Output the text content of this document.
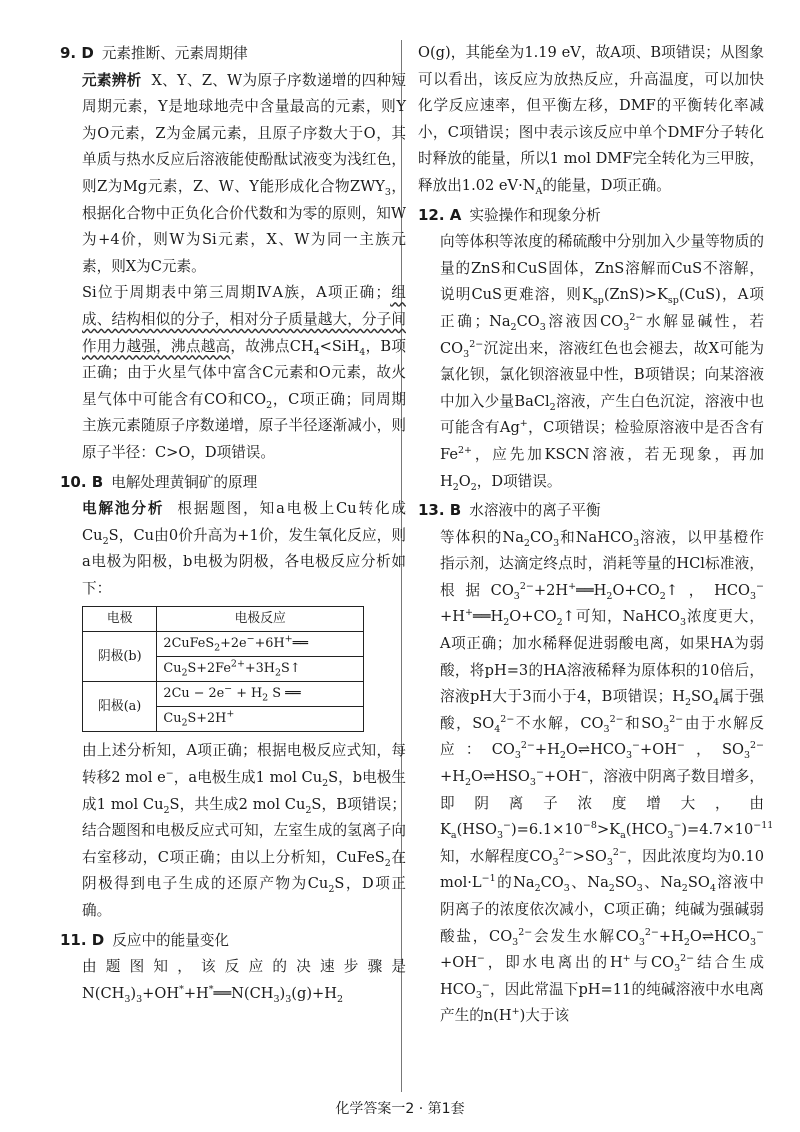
9. D 元素推断、元素周期律

元素辨析 X、Y、Z、W为原子序数递增的四种短周期元素，Y是地球地壳中含量最高的元素，则Y为O元素，Z为金属元素，且原子序数大于O，其单质与热水反应后溶液能使酚酞试液变为浅红色，则Z为Mg元素，Z、W、Y能形成化合物$ZWY_3$，根据化合物中正负化合价代数和为零的原则，知W为+4价，则W为Si元素，X、W为同一主族元素，则X为C元素。

Si位于周期表中第三周期ⅣA族，A项正确；组成、结构相似的分子，相对分子质量越大，分子间作用力越强，沸点越高，故沸点$CH_4<SiH_4$，B项正确；由于火星气体中富含C元素和O元素，故火星气体中可能含有CO和$CO_2$，C项正确；同周期主族元素随原子序数递增，原子半径逐渐减小，则原子半径：C>O，D项错误。

10. B 电解处理黄铜矿的原理

电解池分析 根据题图，知a电极上Cu转化成$Cu_2S$，Cu由0价升高为+1价，发生氧化反应，则a电极为阳极，b电极为阴极，各电极反应分析如下：

电极	电极反应
阴极(b)	2CuFeS$_2$+2e−+6H+══
	$Cu_2S+2Fe^{2+}+3H_2S↑$
阳极(a)	$2Cu - 2e^- + H_2$ S ══
	$Cu_2S+2H^+$

由上述分析知，A项正确；根据电极反应式知，每转移2 mol e−，a电极生成1 mol $Cu_2S$，b电极生成1 mol $Cu_2S$，共生成2 mol $Cu_2S$，B项错误；结合题图和电极反应式可知，左室生成的氢离子向右室移动，C项正确；由以上分析知，CuFeS$_2$在阴极得到电子生成的还原产物为$Cu_2S$，D项正确。

11. D 反应中的能量变化

由题图知，该反应的决速步骤是$N(CH_3)_3+OH^*+H^*══N(CH_3)_3(g)+H_2$

O(g)，其能垒为1.19 eV，故A项、B项错误；从图象可以看出，该反应为放热反应，升高温度，可以加快化学反应速率，但平衡左移，DMF的平衡转化率减小，C项错误；图中表示该反应中单个DMF分子转化时释放的能量，所以1 mol DMF完全转化为三甲胺，释放出1.02 $eV\cdot N_A$的能量，D项正确。

12. A 实验操作和现象分析

向等体积等浓度的稀硫酸中分别加入少量等物质的量的ZnS和CuS固体，ZnS溶解而CuS不溶解，说明CuS更难溶，则$K_{sp}(ZnS)>K_{sp}(CuS)$，A项正确；$Na_2CO_3$溶液因$CO_3^{2-}$水解显碱性，若$CO_3^{2-}$沉淀出来，溶液红色也会褪去，故X可能为氯化钡，氯化钡溶液显中性，B项错误；向某溶液中加入少量BaCl$_2$溶液，产生白色沉淀，溶液中也可能含有Ag+，C项错误；检验原溶液中是否含有$Fe^{2+}$，应先加KSCN溶液，若无现象，再加$H_2O_2$，D项错误。

13. B 水溶液中的离子平衡

等体积的$Na_2CO_3$和NaHCO$_3$溶液，以甲基橙作指示剂，达滴定终点时，消耗等量的HCl标准液，根据$CO_3^{2-}+2H^+══H_2O+CO_2↑$，$HCO_3^-+H^+══H_2O+CO_2↑$可知，NaHCO$_3$浓度更大，A项正确；加水稀释促进弱酸电离，如果HA为弱酸，将pH=3的HA溶液稀释为原体积的10倍后，溶液pH大于3而小于4，B项错误；$H_2SO_4$属于强酸，$SO_4^{2-}$不水解，$CO_3^{2-}$和$SO_3^{2-}$由于水解反应：$CO_3^{2-}+H_2O\rightleftharpoons HCO_3^-+OH^-$，$SO_3^{2-}+H_2O\rightleftharpoons HSO_3^-+OH^-$，溶液中阴离子数目增多，即阴离子浓度增大，由$K_a(HSO_3^-)=6.1\times 10^{-8}>K_a(HCO_3^-)=4.7\times 10^{-11}$知，水解程度$CO_3^{2-}>SO_3^{2-}$，因此浓度均为0.10 $mol\cdot L^{-1}$的$Na_2CO_3$、$Na_2SO_3$、$Na_2SO_4$溶液中阴离子的浓度依次减小，C项正确；纯碱为强碱弱酸盐，$CO_3^{2-}$会发生水解$CO_3^{2-}+H_2O\rightleftharpoons HCO_3^-+OH^-$，即水电离出的H+与$CO_3^{2-}$结合生成$HCO_3^-$，因此常温下pH=11的纯碱溶液中水电离产生的n(H+)大于该

化学答案一2 · 第1套
